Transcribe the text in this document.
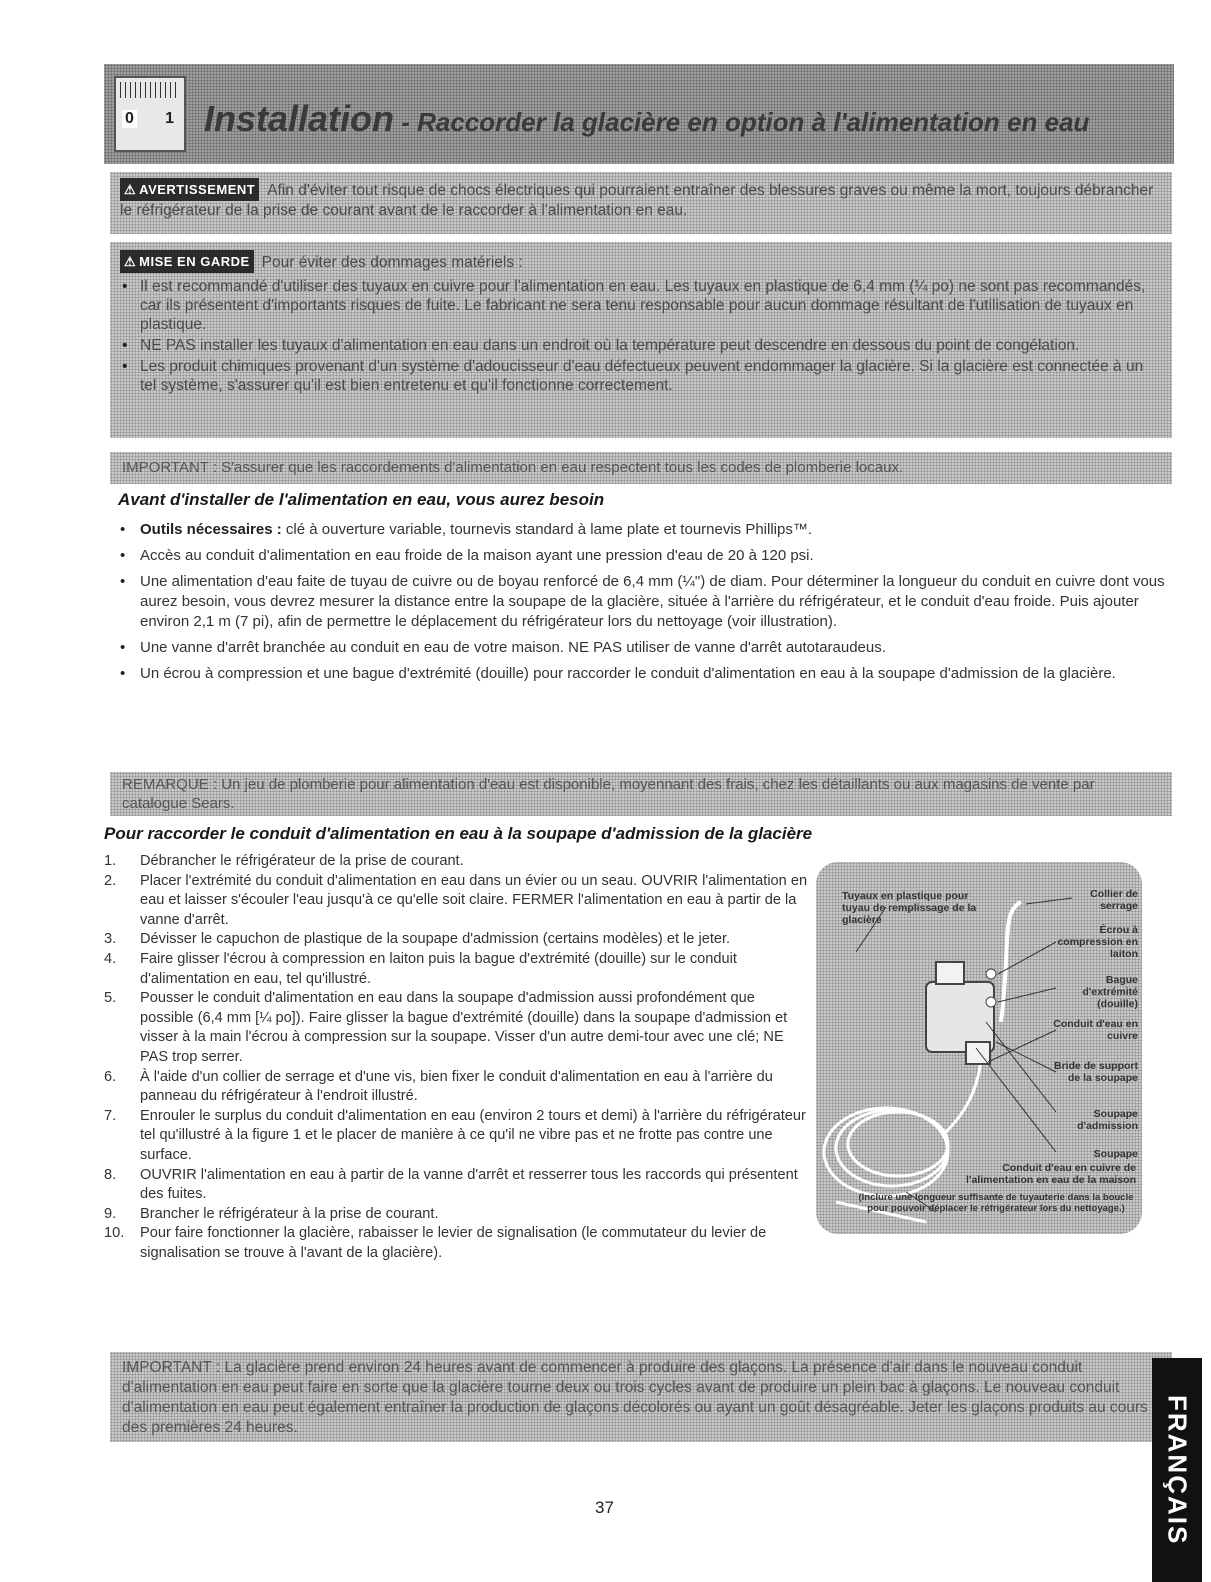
0 1 Installation - Raccorder la glacière en option à l'alimentation en eau
⚠ AVERTISSEMENT Afin d'éviter tout risque de chocs électriques qui pourraient entraîner des blessures graves ou même la mort, toujours débrancher le réfrigérateur de la prise de courant avant de le raccorder à l'alimentation en eau.
⚠ MISE EN GARDE Pour éviter des dommages matériels :
• Il est recommandé d'utiliser des tuyaux en cuivre pour l'alimentation en eau. Les tuyaux en plastique de 6,4 mm (¼ po) ne sont pas recommandés, car ils présentent d'importants risques de fuite. Le fabricant ne sera tenu responsable pour aucun dommage résultant de l'utilisation de tuyaux en plastique.
• NE PAS installer les tuyaux d'alimentation en eau dans un endroit où la température peut descendre en dessous du point de congélation.
• Les produit chimiques provenant d'un système d'adoucisseur d'eau défectueux peuvent endommager la glacière. Si la glacière est connectée à un tel système, s'assurer qu'il est bien entretenu et qu'il fonctionne correctement.
IMPORTANT : S'assurer que les raccordements d'alimentation en eau respectent tous les codes de plomberie locaux.
Avant d'installer de l'alimentation en eau, vous aurez besoin
• Outils nécessaires : clé à ouverture variable, tournevis standard à lame plate et tournevis Phillips™.
• Accès au conduit d'alimentation en eau froide de la maison ayant une pression d'eau de 20 à 120 psi.
• Une alimentation d'eau faite de tuyau de cuivre ou de boyau renforcé de 6,4 mm (¼") de diam. Pour déterminer la longueur du conduit en cuivre dont vous aurez besoin, vous devrez mesurer la distance entre la soupape de la glacière, située à l'arrière du réfrigérateur, et le conduit d'eau froide. Puis ajouter environ 2,1 m (7 pi), afin de permettre le déplacement du réfrigérateur lors du nettoyage (voir illustration).
• Une vanne d'arrêt branchée au conduit en eau de votre maison. NE PAS utiliser de vanne d'arrêt autotaraudeus.
• Un écrou à compression et une bague d'extrémité (douille) pour raccorder le conduit d'alimentation en eau à la soupape d'admission de la glacière.
REMARQUE : Un jeu de plomberie pour alimentation d'eau est disponible, moyennant des frais, chez les détaillants ou aux magasins de vente par catalogue Sears.
Pour raccorder le conduit d'alimentation en eau à la soupape d'admission de la glacière
1. Débrancher le réfrigérateur de la prise de courant.
2. Placer l'extrémité du conduit d'alimentation en eau dans un évier ou un seau. OUVRIR l'alimentation en eau et laisser s'écouler l'eau jusqu'à ce qu'elle soit claire. FERMER l'alimentation en eau à partir de la vanne d'arrêt.
3. Dévisser le capuchon de plastique de la soupape d'admission (certains modèles) et le jeter.
4. Faire glisser l'écrou à compression en laiton puis la bague d'extrémité (douille) sur le conduit d'alimentation en eau, tel qu'illustré.
5. Pousser le conduit d'alimentation en eau dans la soupape d'admission aussi profondément que possible (6,4 mm [¼ po]). Faire glisser la bague d'extrémité (douille) dans la soupape d'admission et visser à la main l'écrou à compression sur la soupape. Visser d'un autre demi-tour avec une clé; NE PAS trop serrer.
6. À l'aide d'un collier de serrage et d'une vis, bien fixer le conduit d'alimentation en eau à l'arrière du panneau du réfrigérateur à l'endroit illustré.
7. Enrouler le surplus du conduit d'alimentation en eau (environ 2 tours et demi) à l'arrière du réfrigérateur tel qu'illustré à la figure 1 et le placer de manière à ce qu'il ne vibre pas et ne frotte pas contre une surface.
8. OUVRIR l'alimentation en eau à partir de la vanne d'arrêt et resserrer tous les raccords qui présentent des fuites.
9. Brancher le réfrigérateur à la prise de courant.
10. Pour faire fonctionner la glacière, rabaisser le levier de signalisation (le commutateur du levier de signalisation se trouve à l'avant de la glacière).
Tuyaux en plastique pour tuyau de remplissage de la glacière
Collier de serrage
Écrou à compression en laiton
Bague d'extrémité (douille)
Conduit d'eau en cuivre
Bride de support de la soupape
Soupape d'admission
Soupape
Conduit d'eau en cuivre de l'alimentation en eau de la maison
(Inclure une longueur suffisante de tuyauterie dans la boucle pour pouvoir déplacer le réfrigérateur lors du nettoyage.)
IMPORTANT : La glacière prend environ 24 heures avant de commencer à produire des glaçons. La présence d'air dans le nouveau conduit d'alimentation en eau peut faire en sorte que la glacière tourne deux ou trois cycles avant de produire un plein bac à glaçons. Le nouveau conduit d'alimentation en eau peut également entraîner la production de glaçons décolorés ou ayant un goût désagréable. Jeter les glaçons produits au cours des premières 24 heures.	FRANÇAIS
37
